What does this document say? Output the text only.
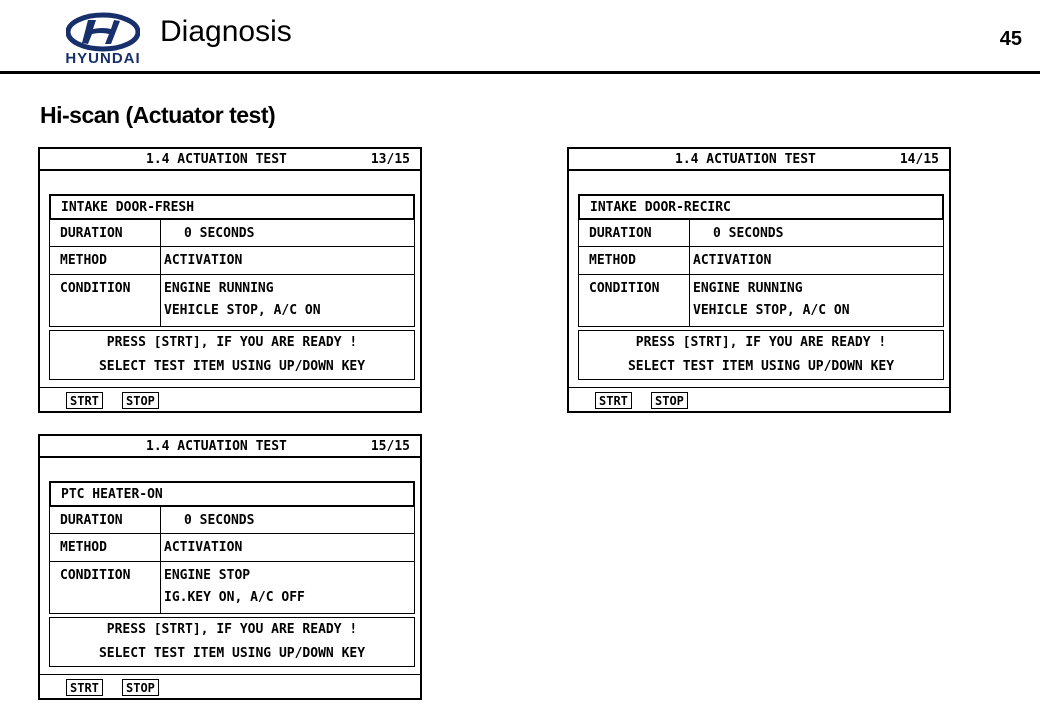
HYUNDAI
Diagnosis	45
Hi-scan (Actuator test)
1.4 ACTUATION TEST	13/15
INTAKE DOOR-FRESH
DURATION	0 SECONDS
METHOD	ACTIVATION
CONDITION	ENGINE RUNNING
VEHICLE STOP, A/C ON
PRESS [STRT], IF YOU ARE READY !
SELECT TEST ITEM USING UP/DOWN KEY
STRT	STOP
1.4 ACTUATION TEST	14/15
INTAKE DOOR-RECIRC
DURATION	0 SECONDS
METHOD	ACTIVATION
CONDITION	ENGINE RUNNING
VEHICLE STOP, A/C ON
PRESS [STRT], IF YOU ARE READY !
SELECT TEST ITEM USING UP/DOWN KEY
STRT	STOP
1.4 ACTUATION TEST	15/15
PTC HEATER-ON
DURATION	0 SECONDS
METHOD	ACTIVATION
CONDITION	ENGINE STOP
IG.KEY ON, A/C OFF
PRESS [STRT], IF YOU ARE READY !
SELECT TEST ITEM USING UP/DOWN KEY
STRT	STOP
